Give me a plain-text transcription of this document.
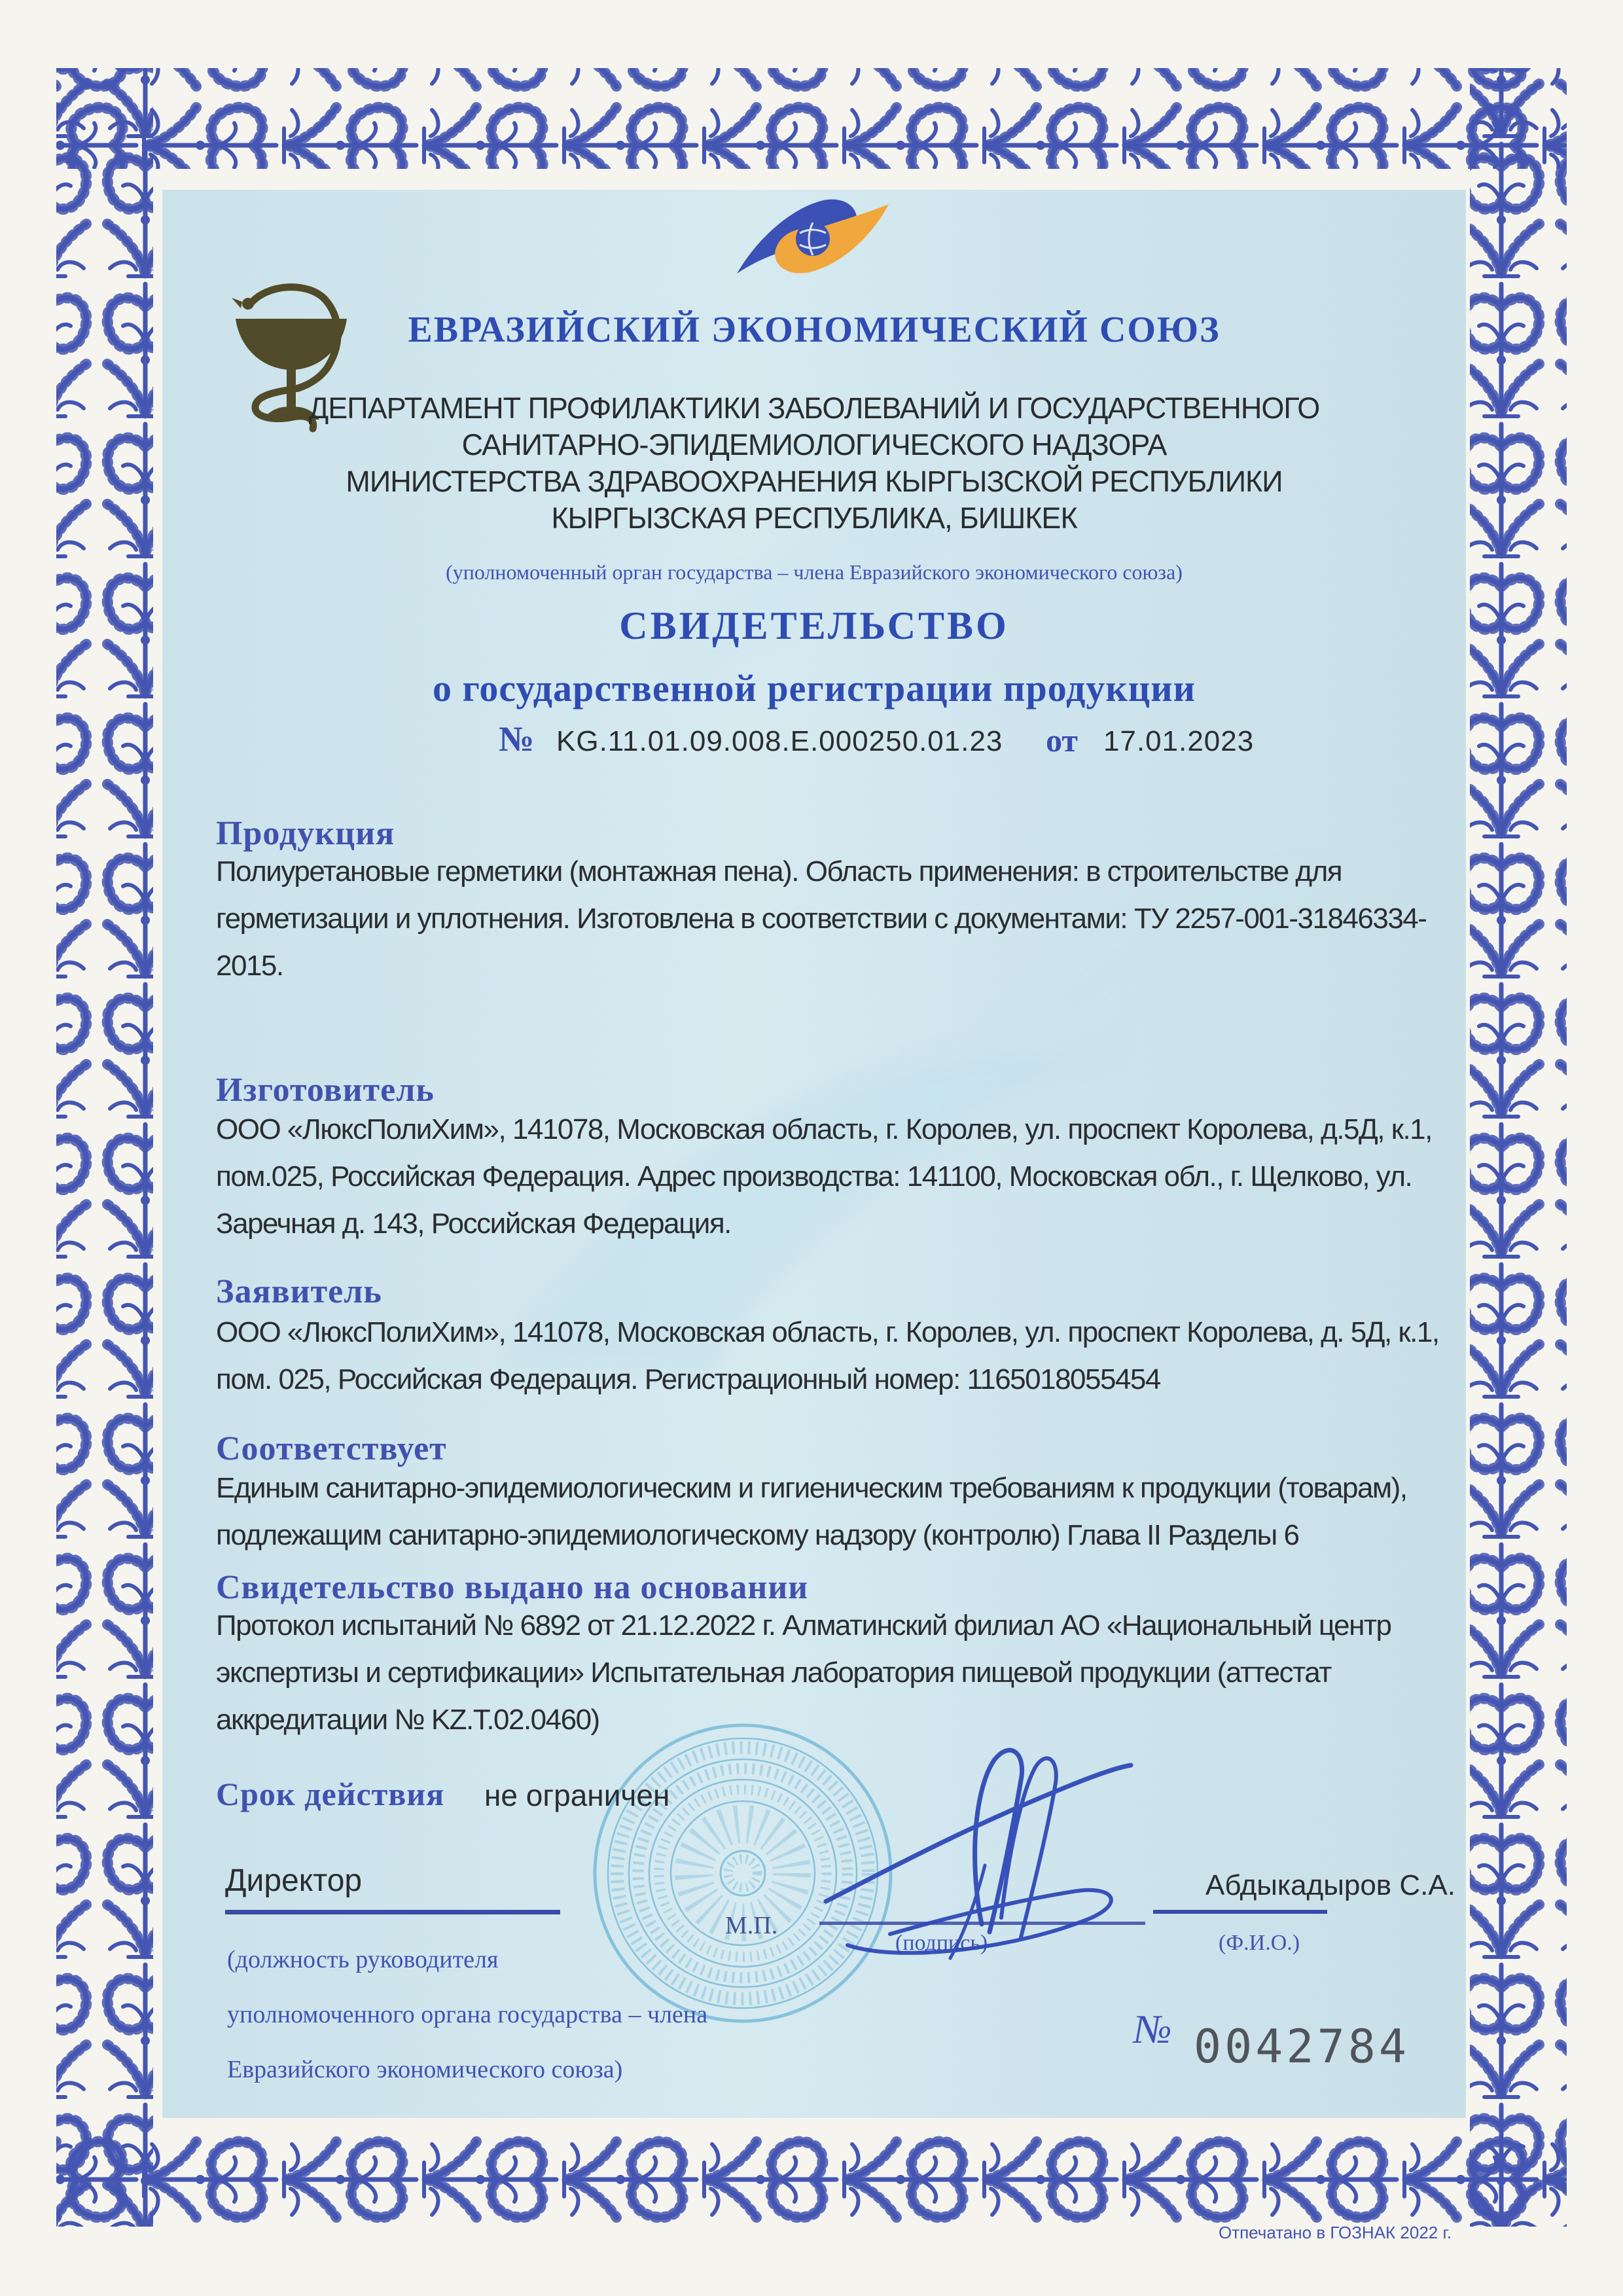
ЕВРАЗИЙСКИЙ ЭКОНОМИЧЕСКИЙ СОЮЗ
ДЕПАРТАМЕНТ ПРОФИЛАКТИКИ ЗАБОЛЕВАНИЙ И ГОСУДАРСТВЕННОГО
САНИТАРНО-ЭПИДЕМИОЛОГИЧЕСКОГО НАДЗОРА
МИНИСТЕРСТВА ЗДРАВООХРАНЕНИЯ КЫРГЫЗСКОЙ РЕСПУБЛИКИ
КЫРГЫЗСКАЯ РЕСПУБЛИКА, БИШКЕК
(уполномоченный орган государства – члена Евразийского экономического союза)
СВИДЕТЕЛЬСТВО
о государственной регистрации продукции
№ KG.11.01.09.008.E.000250.01.23 от 17.01.2023
Продукция
Полиуретановые герметики (монтажная пена). Область применения: в строительстве для герметизации и уплотнения. Изготовлена в соответствии с документами: ТУ 2257-001-31846334-2015.
Изготовитель
ООО «ЛюксПолиХим», 141078, Московская область, г. Королев, ул. проспект Королева, д.5Д, к.1, пом.025, Российская Федерация. Адрес производства: 141100, Московская обл., г. Щелково, ул. Заречная д. 143, Российская Федерация.
Заявитель
ООО «ЛюксПолиХим», 141078, Московская область, г. Королев, ул. проспект Королева, д. 5Д, к.1, пом. 025, Российская Федерация. Регистрационный номер: 1165018055454
Соответствует
Единым санитарно-эпидемиологическим и гигиеническим требованиям к продукции (товарам), подлежащим санитарно-эпидемиологическому надзору (контролю) Глава II Разделы 6
Свидетельство выдано на основании
Протокол испытаний № 6892 от 21.12.2022 г. Алматинский филиал АО «Национальный центр экспертизы и сертификации» Испытательная лаборатория пищевой продукции (аттестат аккредитации № KZ.T.02.0460)
Срок действия не ограничен
Директор
М.П.
(подпись)
Абдыкадыров С.А.
(Ф.И.О.)
(должность руководителя
уполномоченного органа государства – члена
Евразийского экономического союза)
№ 0042784
Отпечатано в ГОЗНАК 2022 г.
